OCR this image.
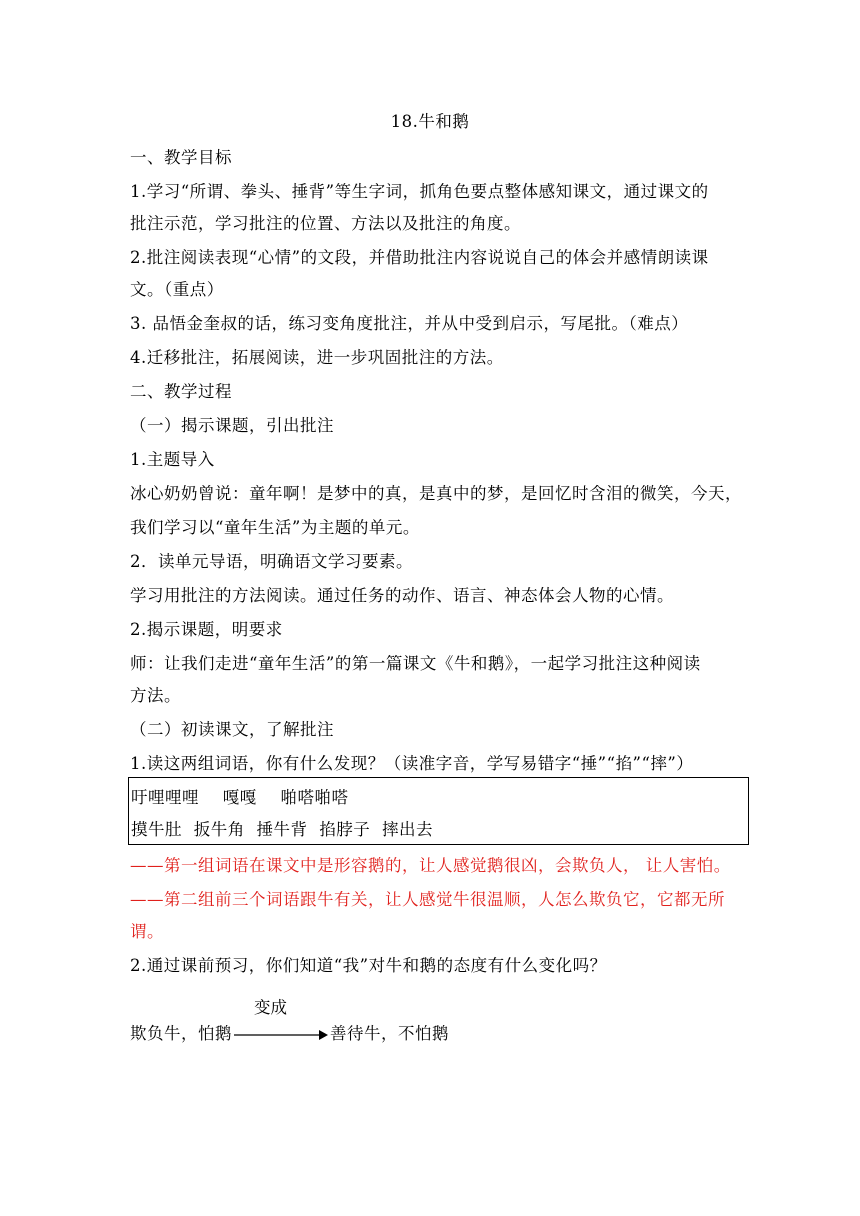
18.牛和鹅
一、教学目标
1.学习“所谓、拳头、捶背”等生字词，抓角色要点整体感知课文，通过课文的
批注示范，学习批注的位置、方法以及批注的角度。
2.批注阅读表现“心情”的文段，并借助批注内容说说自己的体会并感情朗读课
文。（重点）
3. 品悟金奎叔的话，练习变角度批注，并从中受到启示，写尾批。（难点）
4.迁移批注，拓展阅读，进一步巩固批注的方法。
二、教学过程
（一）揭示课题，引出批注
1.主题导入
冰心奶奶曾说：童年啊！是梦中的真，是真中的梦，是回忆时含泪的微笑，今天，
我们学习以“童年生活”为主题的单元。
2．读单元导语，明确语文学习要素。
学习用批注的方法阅读。通过任务的动作、语言、神态体会人物的心情。
2.揭示课题，明要求
师：让我们走进“童年生活”的第一篇课文《牛和鹅》，一起学习批注这种阅读
方法。
（二）初读课文，了解批注
1.读这两组词语，你有什么发现？（读准字音，学写易错字“捶”“掐”“摔”）
吁哩哩哩 嘎嘎 啪嗒啪嗒
摸牛肚 扳牛角 捶牛背 掐脖子 摔出去
——第一组词语在课文中是形容鹅的，让人感觉鹅很凶，会欺负人， 让人害怕。
——第二组前三个词语跟牛有关，让人感觉牛很温顺，人怎么欺负它，它都无所
谓。
2.通过课前预习，你们知道“我”对牛和鹅的态度有什么变化吗？
变成
欺负牛，怕鹅	善待牛，不怕鹅
